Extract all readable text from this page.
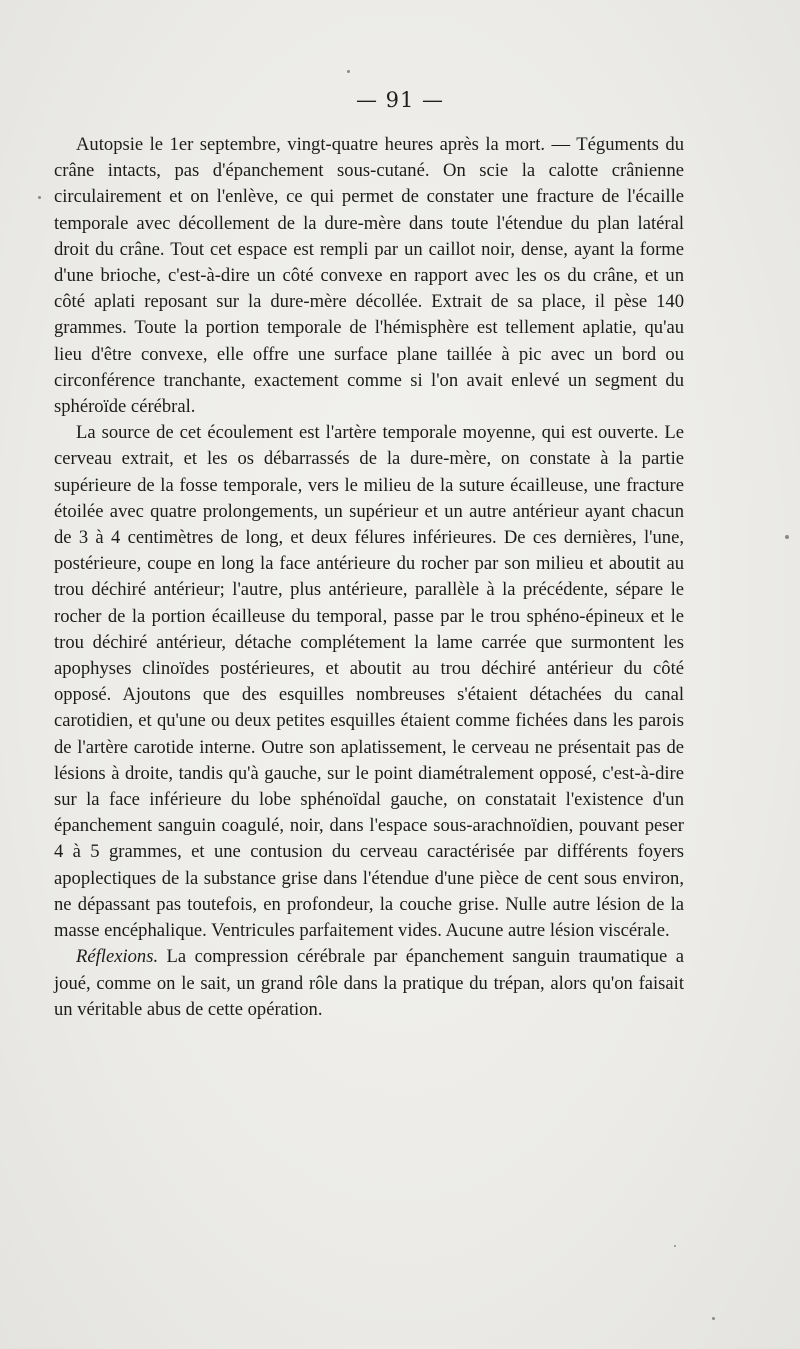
— 91 —

Autopsie le 1er septembre, vingt-quatre heures après la mort. — Téguments du crâne intacts, pas d'épanchement sous-cutané. On scie la calotte crânienne circulairement et on l'enlève, ce qui permet de constater une fracture de l'écaille temporale avec décollement de la dure-mère dans toute l'étendue du plan latéral droit du crâne. Tout cet espace est rempli par un caillot noir, dense, ayant la forme d'une brioche, c'est-à-dire un côté convexe en rapport avec les os du crâne, et un côté aplati reposant sur la dure-mère décollée. Extrait de sa place, il pèse 140 grammes. Toute la portion temporale de l'hémisphère est tellement aplatie, qu'au lieu d'être convexe, elle offre une surface plane taillée à pic avec un bord ou circonférence tranchante, exactement comme si l'on avait enlevé un segment du sphéroïde cérébral.

La source de cet écoulement est l'artère temporale moyenne, qui est ouverte. Le cerveau extrait, et les os débarrassés de la dure-mère, on constate à la partie supérieure de la fosse temporale, vers le milieu de la suture écailleuse, une fracture étoilée avec quatre prolongements, un supérieur et un autre antérieur ayant chacun de 3 à 4 centimètres de long, et deux félures inférieures. De ces dernières, l'une, postérieure, coupe en long la face antérieure du rocher par son milieu et aboutit au trou déchiré antérieur; l'autre, plus antérieure, parallèle à la précédente, sépare le rocher de la portion écailleuse du temporal, passe par le trou sphéno-épineux et le trou déchiré antérieur, détache complétement la lame carrée que surmontent les apophyses clinoïdes postérieures, et aboutit au trou déchiré antérieur du côté opposé. Ajoutons que des esquilles nombreuses s'étaient détachées du canal carotidien, et qu'une ou deux petites esquilles étaient comme fichées dans les parois de l'artère carotide interne. Outre son aplatissement, le cerveau ne présentait pas de lésions à droite, tandis qu'à gauche, sur le point diamétralement opposé, c'est-à-dire sur la face inférieure du lobe sphénoïdal gauche, on constatait l'existence d'un épanchement sanguin coagulé, noir, dans l'espace sous-arachnoïdien, pouvant peser 4 à 5 grammes, et une contusion du cerveau caractérisée par différents foyers apoplectiques de la substance grise dans l'étendue d'une pièce de cent sous environ, ne dépassant pas toutefois, en profondeur, la couche grise. Nulle autre lésion de la masse encéphalique. Ventricules parfaitement vides. Aucune autre lésion viscérale.

Réflexions. La compression cérébrale par épanchement sanguin traumatique a joué, comme on le sait, un grand rôle dans la pratique du trépan, alors qu'on faisait un véritable abus de cette opération.
